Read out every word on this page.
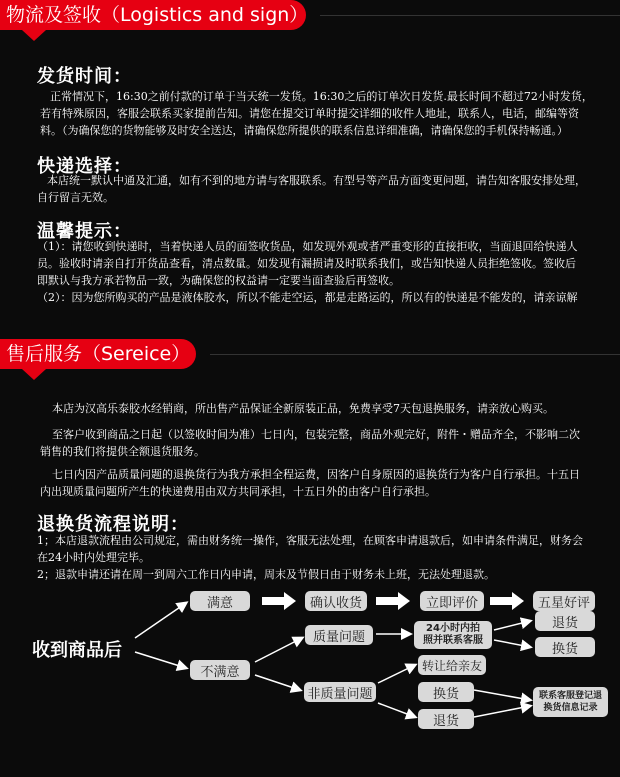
物流及签收（Logistics and sign）
发货时间：
正常情况下，16:30之前付款的订单于当天统一发货。16:30之后的订单次日发货.最长时间不超过72小时发货，
若有特殊原因，客服会联系买家提前告知。请您在提交订单时提交详细的收件人地址，联系人，电话，邮编等资
料。（为确保您的货物能够及时安全送达，请确保您所提供的联系信息详细准确，请确保您的手机保持畅通。）
快递选择：
本店统一默认中通及汇通，如有不到的地方请与客服联系。有型号等产品方面变更问题，请告知客服安排处理，
自行留言无效。
温馨提示：
（1）：请您收到快递时，当着快递人员的面签收货品，如发现外观或者严重变形的直接拒收，当面退回给快递人
员。验收时请亲自打开货品查看，清点数量。如发现有漏损请及时联系我们，或告知快递人员拒绝签收。签收后
即默认与我方承若物品一致，为确保您的权益请一定要当面查验后再签收。
（2）：因为您所购买的产品是液体胶水，所以不能走空运，都是走路运的，所以有的快递是不能发的，请亲谅解
售后服务（Sereice）
本店为汉高乐泰胶水经销商，所出售产品保证全新原装正品，免费享受7天包退换服务，请亲放心购买。
至客户收到商品之日起（以签收时间为准）七日内，包装完整，商品外观完好，附件・赠品齐全，不影响二次
销售的我们将提供全额退货服务。
七日内因产品质量问题的退换货行为我方承担全程运费，因客户自身原因的退换货行为客户自行承担。十五日
内出现质量问题所产生的快递费用由双方共同承担，十五日外的由客户自行承担。
退换货流程说明：
1；本店退款流程由公司规定，需由财务统一操作，客服无法处理，在顾客申请退款后，如申请条件满足，财务会
在24小时内处理完毕。
2；退款申请还请在周一到周六工作日内申请，周末及节假日由于财务未上班，无法处理退款。
收到商品后
满意	确认收货	立即评价	五星好评
不满意
质量问题
24小时内拍照并联系客服
退货
换货
非质量问题
转让给亲友
换货
退货
联系客服登记退换货信息记录
